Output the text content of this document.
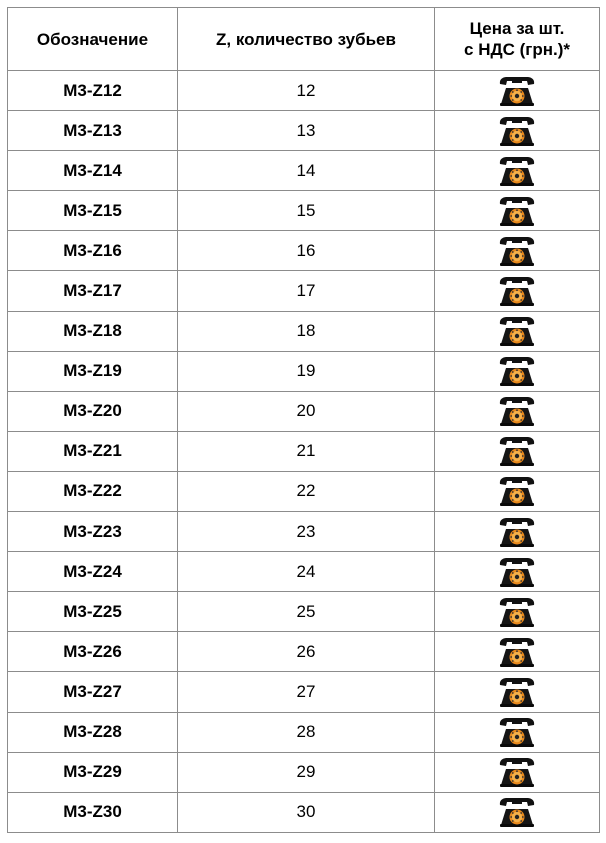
Обозначение	Z, количество зубьев	Цена за шт.
с НДС (грн.)*

M3-Z12	12	

M3-Z13	13	

M3-Z14	14	

M3-Z15	15	

M3-Z16	16	

M3-Z17	17	

M3-Z18	18	

M3-Z19	19	

M3-Z20	20	

M3-Z21	21	

M3-Z22	22	

M3-Z23	23	

M3-Z24	24	

M3-Z25	25	

M3-Z26	26	

M3-Z27	27	

M3-Z28	28	

M3-Z29	29	

M3-Z30	30	
